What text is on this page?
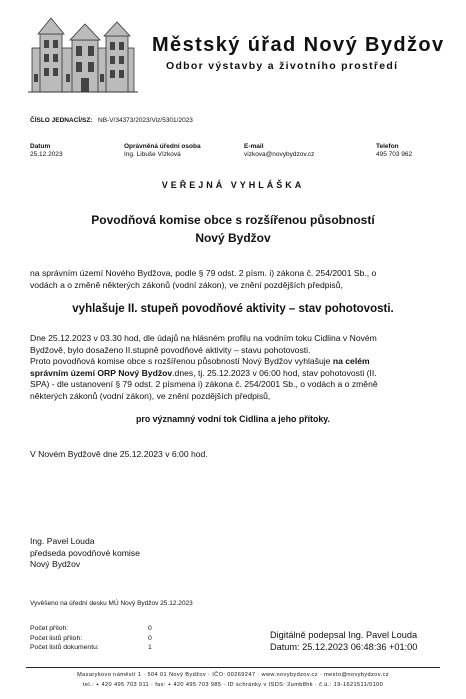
Městský úřad Nový Bydžov
Odbor výstavby a životního prostředí
ČÍSLO JEDNACÍ/SZ: NB-V/34373/2023/Viz/5301/2023
Datum
25.12.2023
Oprávněná úřední osoba
Ing. Libuše Vízková
E-mail
vizkova@novybydzov.cz
Telefon
495 703 962
VEŘEJNÁ VYHLÁŠKA
Povodňová komise obce s rozšířenou působností
Nový Bydžov
na správním území Nového Bydžova, podle § 79 odst. 2 písm. i) zákona č. 254/2001 Sb., o
vodách a o změně některých zákonů (vodní zákon), ve znění pozdějších předpisů,
vyhlašuje II. stupeň povodňové aktivity – stav pohotovosti.
Dne 25.12.2023 v 03.30 hod, dle údajů na hlásném profilu na vodním toku Cidlina v Novém
Bydžově, bylo dosaženo II.stupně povodňové aktivity – stavu pohotovosti.
Proto povodňová komise obce s rozšířenou působností Nový Bydžov vyhlašuje na celém
správním území ORP Nový Bydžov.dnes, tj. 25.12.2023 v 06:00 hod, stav pohotovosti (II.
SPA) - dle ustanovení § 79 odst. 2 písmena i) zákona č. 254/2001 Sb., o vodách a o změně
některých zákonů (vodní zákon), ve znění pozdějších předpisů,
pro významný vodní tok Cidlina a jeho přítoky.
V Novém Bydžově dne 25.12.2023 v 6:00 hod.
Ing. Pavel Louda
předseda povodňové komise
Nový Bydžov
Vyvěšeno na úřední desku MÚ Nový Bydžov 25.12.2023
Počet příloh:
Počet listů příloh:
Počet listů dokumentu:
0
0
1
Digitálně podepsal Ing. Pavel Louda
Datum: 25.12.2023 06:48:36 +01:00
Masarykovo náměstí 1 · 504 01 Nový Bydžov · IČO: 00269247 · www.novybydzov.cz · mesto@novybydzov.cz
tel.: + 420 495 703 911 · fax: + 420 495 703 985 · ID schránky v ISDS: 2umb8hk · č.ú.: 19-1621511/0100
